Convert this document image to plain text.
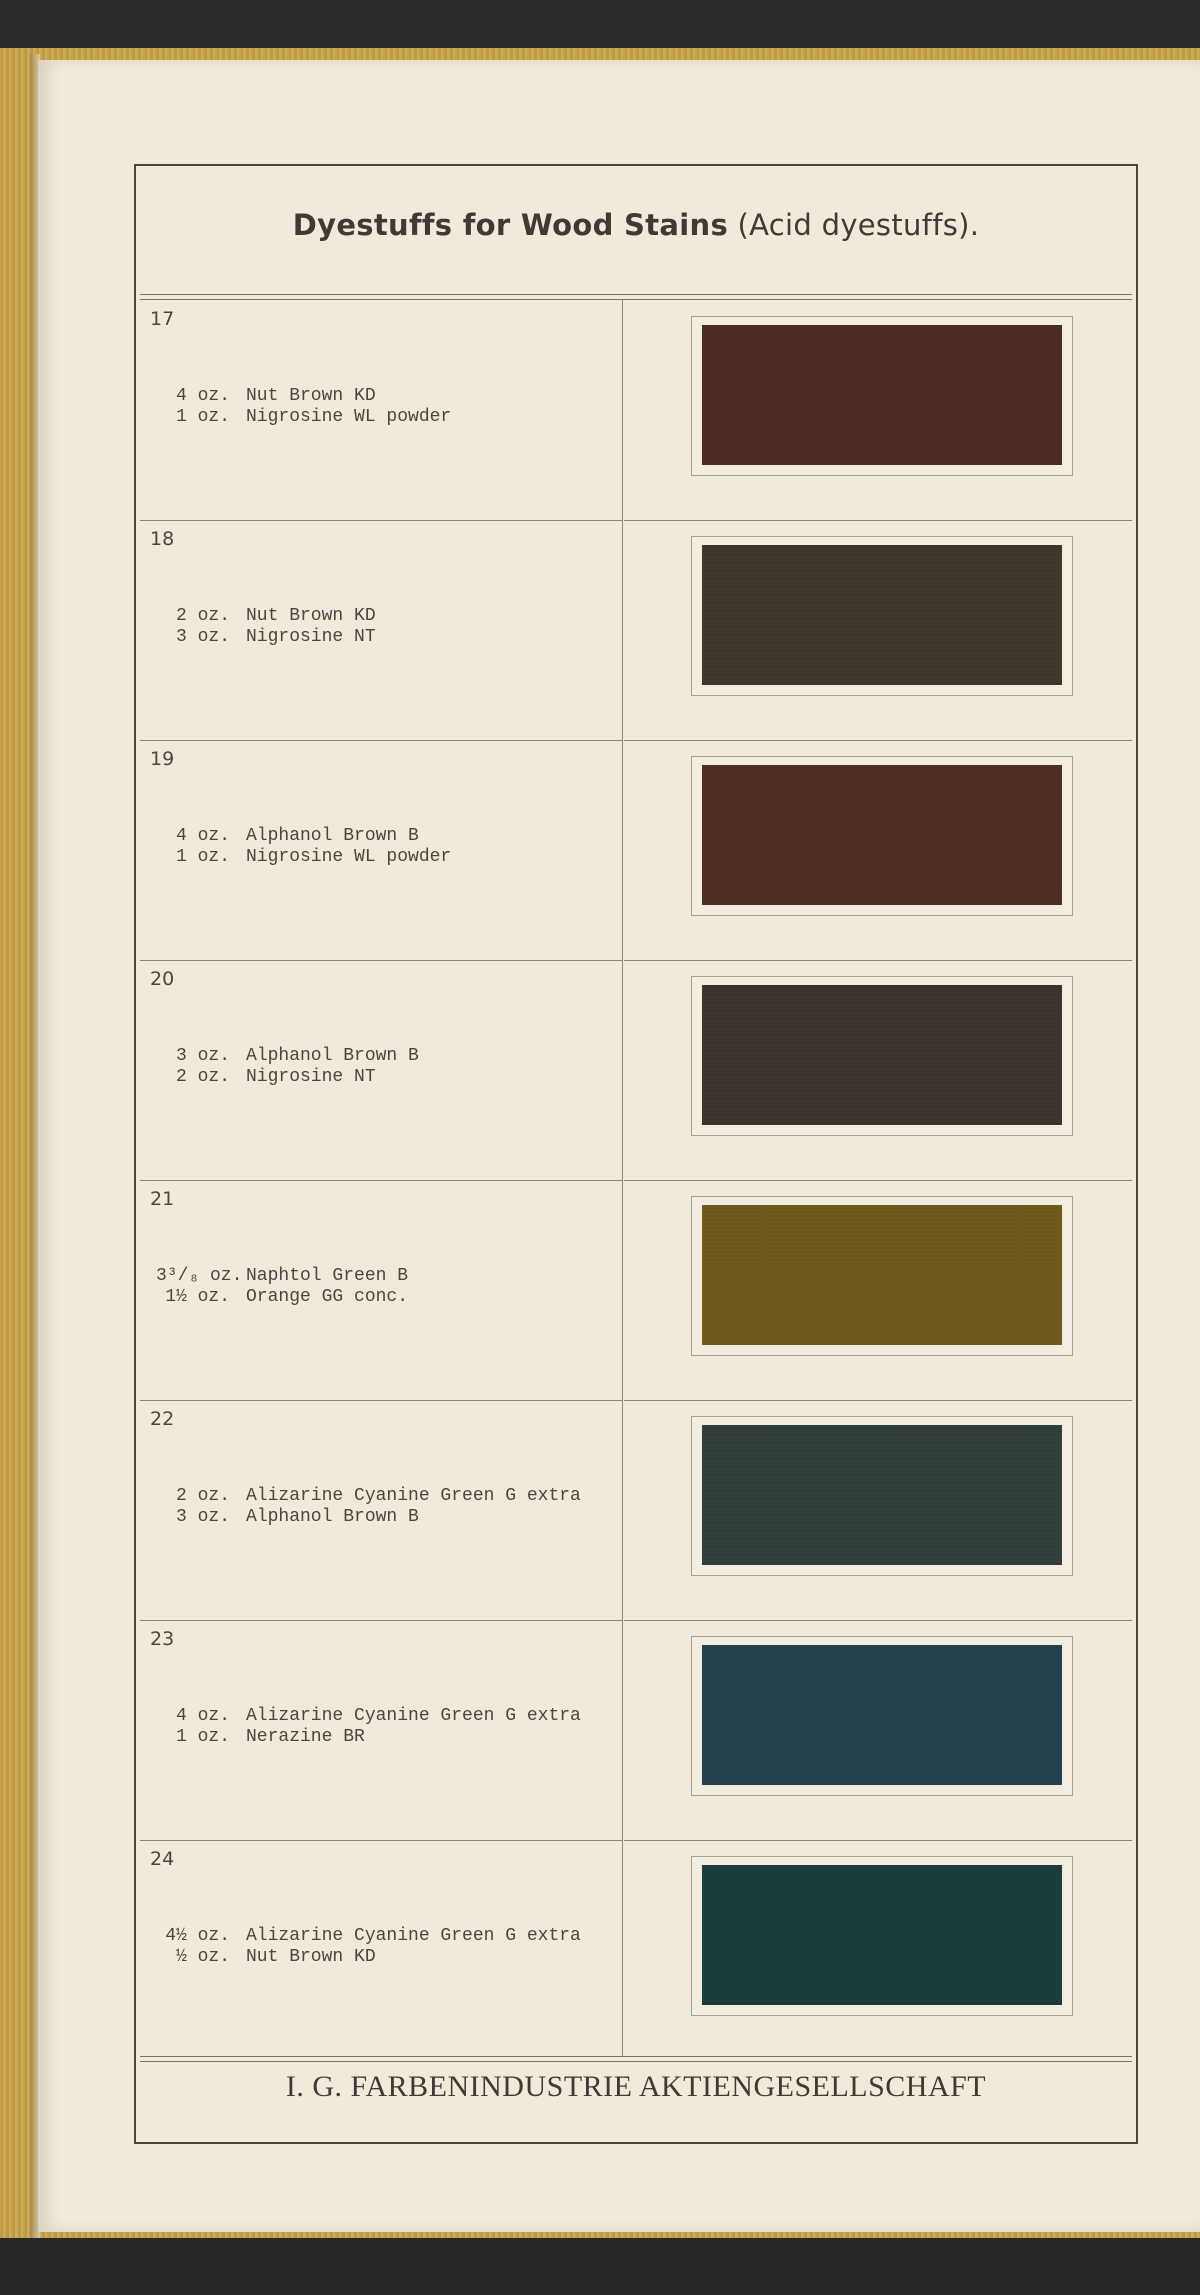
Dyestuffs for Wood Stains (Acid dyestuffs).
17
4 oz. Nut Brown KD
1 oz. Nigrosine WL powder
18
2 oz. Nut Brown KD
3 oz. Nigrosine NT
19
4 oz. Alphanol Brown B
1 oz. Nigrosine WL powder
20
3 oz. Alphanol Brown B
2 oz. Nigrosine NT
21
3³/₈ oz. Naphtol Green B
1½ oz. Orange GG conc.
22
2 oz. Alizarine Cyanine Green G extra
3 oz. Alphanol Brown B
23
4 oz. Alizarine Cyanine Green G extra
1 oz. Nerazine BR
24
4½ oz. Alizarine Cyanine Green G extra
½ oz. Nut Brown KD
I. G. FARBENINDUSTRIE AKTIENGESELLSCHAFT
